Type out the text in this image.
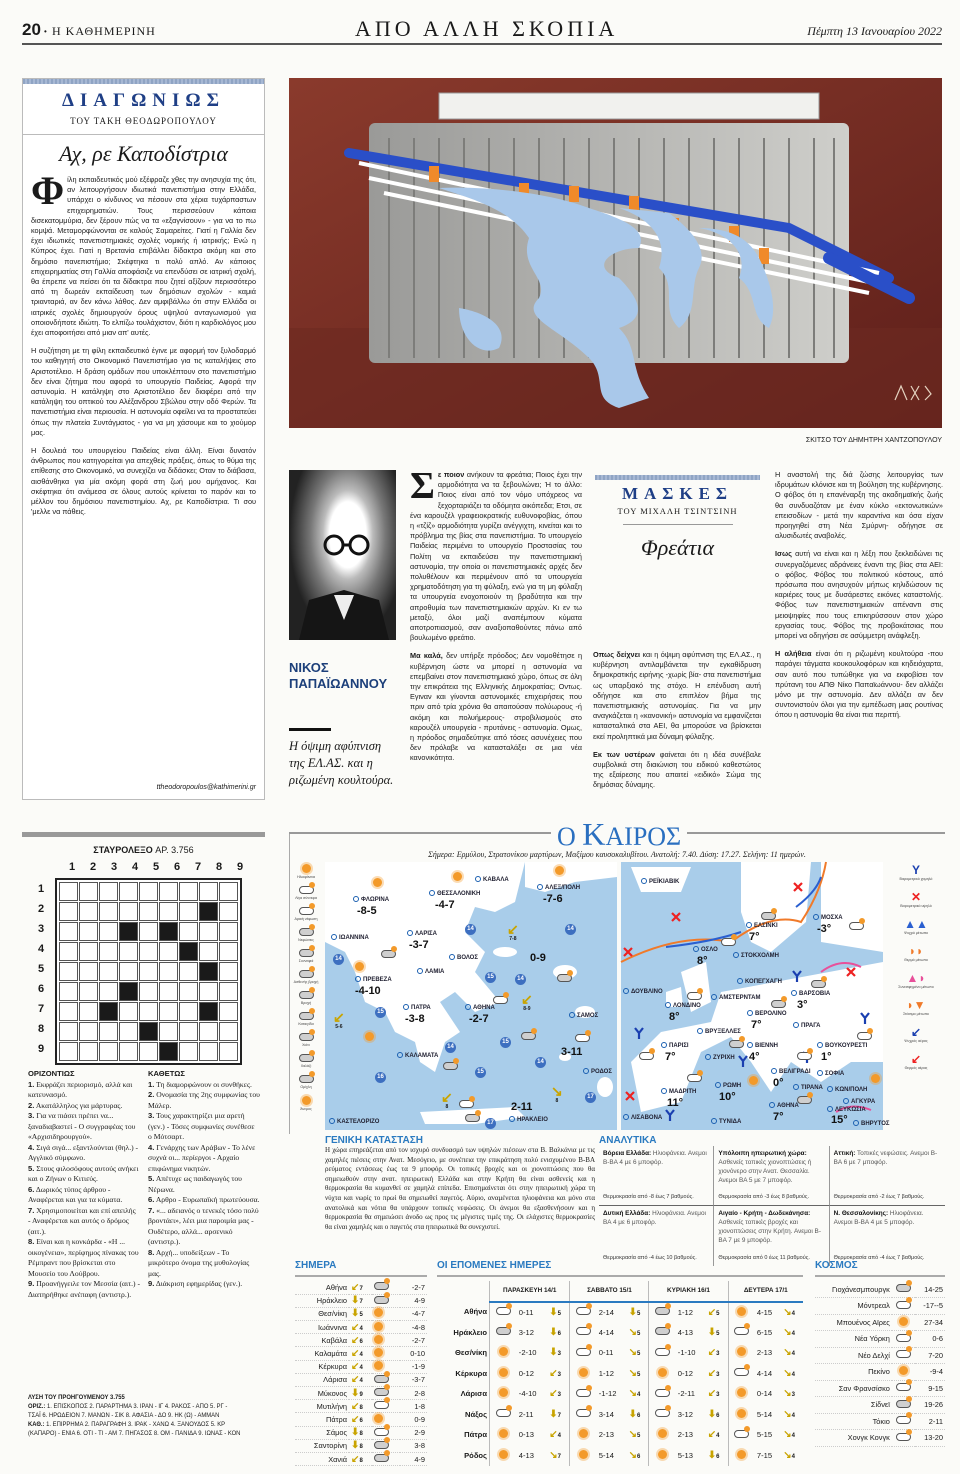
20 • Η ΚΑΘΗΜΕΡΙΝΗ	ΑΠΟ ΑΛΛΗ ΣΚΟΠΙΑ	Πέμπτη 13 Ιανουαρίου 2022
ΔΙΑΓΩΝΙΩΣ
ΤΟΥ ΤΑΚΗ ΘΕΟΔΩΡΟΠΟΥΛΟΥ
Αχ, ρε Καποδίστρια

Φίλη εκπαιδευτικός μού εξέφραζε χθες την ανησυχία της ότι, αν λειτουργήσουν ιδιωτικά πανεπιστήμια στην Ελλάδα, υπάρχει ο κίνδυνος να πέσουν στα χέρια τυχάρπαστων επιχειρηματιών. Τους περισσεύουν κάποια δισεκατομμύρια, δεν ξέρουν πώς να τα «εξαγνίσουν» - για να το πω κομψά. Μεταμορφώνονται σε καλούς Σαμαρείτες. Γιατί η Γαλλία δεν έχει ιδιωτικές πανεπιστημιακές σχολές νομικής ή ιατρικής; Ενώ η Κύπρος έχει. Γιατί η Βρετανία επιβάλλει δίδακτρα ακόμη και στο δημόσιο πανεπιστήμιο; Σκέφτηκα τι πολύ απλό. Αν κάποιος επιχειρηματίας στη Γαλλία αποφάσιζε να επενδύσει σε ιατρική σχολή, θα έπρεπε να πείσει ότι τα δίδακτρα που ζητεί αξίζουν περισσότερο από τη δωρεάν εκπαίδευση των δημόσιων σχολών - καμιά τριανταριά, αν δεν κάνω λάθος. Δεν αμφιβάλλω ότι στην Ελλάδα οι ιατρικές σχολές δημιουργούν όρους υψηλού ανταγωνισμού για οποιονδήποτε ιδιώτη. Το ελπίζω τουλάχιστον, διότι η καρδιολόγος μου έχει αποφοιτήσει από μιαν απ' αυτές.

Η συζήτηση με τη φίλη εκπαιδευτικό έγινε με αφορμή τον ξυλοδαρμό του καθηγητή στο Οικονομικό Πανεπιστήμιο για τις καταλήψεις στο Αριστοτέλειο. Η δράση ομάδων που υποκλέπτουν στο πανεπιστήμιο δεν είναι ζήτημα που αφορά το υπουργείο Παιδείας. Αφορά την αστυνομία. Η κατάληψη στο Αριστοτέλειο δεν διαφέρει από την κατάληψη του οπτικού του Αλέξανδρου Σβώλου στην οδό Φερών. Τα πανεπιστήμια είναι περιουσία. Η αστυνομία οφείλει να τα προστατεύει όπως την πλατεία Συντάγματος - για να μη χάσουμε και το χιούμορ μας.

Η δουλειά του υπουργείου Παιδείας είναι άλλη. Είναι δυνατόν άνθρωπος που κατηγορείται για απεχθείς πράξεις, όπως το θύμα της επίθεσης στο Οικονομικό, να συνεχίζει να διδάσκει; Οταν το διάβασα, αισθάνθηκα για μία ακόμη φορά στη ζωή μου αμήχανος. Και σκέφτηκα ότι ανάμεσα σε όλους αυτούς κρίνεται το παρόν και το μέλλον του δημόσιου πανεπιστημίου. Αχ, ρε Καποδίστρια. Τι σου 'μελλε να πάθεις.

ttheodoropoulos@kathimerini.gr
ΣΚΙΤΣΟ ΤΟΥ ΔΗΜΗΤΡΗ ΧΑΝΤΖΟΠΟΥΛΟΥ
ΝΙΚΟΣ
ΠΑΠΑΪΩΑΝΝΟΥ
Η όψιμη αφύπνιση της ΕΛ.ΑΣ. και η ριζωμένη κουλτούρα.

Σε ποιον ανήκουν τα φρεάτια; Ποιος έχει την αρμοδιότητα να τα ξεβουλώνει; Ή το άλλο: Ποιος είναι από τον νόμο υπόχρεος να ξεχορταριάζει τα οδόμητα οικόπεδα; Ετσι, σε ένα καρουζέλ γραφειοκρατικής ευθυνοφοβίας, όπου η «τζίζ» αρμοδιότητα γυρίζει ανέγγιχτη, κινείται και το πρόβλημα της βίας στα πανεπιστήμια. Το υπουργείο Παιδείας περιμένει το υπουργείο Προστασίας του Πολίτη να εκπαιδεύσει την πανεπιστημιακή αστυνομία, την οποία οι πανεπιστημιακές αρχές δεν πολυθέλουν και περιμένουν από τα υπουργεία χρηματοδότηση για τη φύλαξη, ενώ για τη μη φύλαξη τα υπουργεία ενοχοποιούν τη βραδύτητα και την απροθυμία των πανεπιστημιακών αρχών. Κι εν τω μεταξύ, όλοι μαζί αναπέμπουν κύματα αποτροπιασμού, σαν αναξιοπαθούντες πάνω από βουλωμένο φρεάτιο.

Μα καλά, δεν υπήρξε πρόοδος; Δεν νομοθέτησε η κυβέρνηση ώστε να μπορεί η αστυνομία να επεμβαίνει στον πανεπιστημιακό χώρο, όπως σε όλη την επικράτεια της Ελληνικής Δημοκρατίας; Οντως. Εγιναν και γίνονται αστυνομικές επιχειρήσεις που πριν από τρία χρόνια θα απαιτούσαν πολύωρους -ή ακόμη και πολυήμερους- στροβιλισμούς στο καρουζέλ υπουργεία - πρυτάνεις - αστυνομία. Ομως, η πρόοδος σημαδεύτηκε από τόσες ασυνέχειες που δεν πρόλαβε να κατασταλάξει σε μια νέα κανονικότητα.

ΜΑΣΚΕΣ
ΤΟΥ ΜΙΧΑΛΗ ΤΣΙΝΤΣΙΝΗ
Φρεάτια

Οπως δείχνει και η όψιμη αφύπνιση της ΕΛ.ΑΣ., η κυβέρνηση αντιλαμβάνεται την εγκαθίδρυση δημοκρατικής ειρήνης -χωρίς βία- στα πανεπιστήμια ως υπαρξιακό της στόχο. Η επένδυση αυτή οδήγησε και στο επιπλέον βήμα της πανεπιστημιακής αστυνομίας. Για να μην αναγκάζεται η «κανονική» αστυνομία να εμφανίζεται κατασταλτικά στα ΑΕΙ, θα μπορούσε να βρίσκεται εκεί προληπτικά μια δύναμη φύλαξης.

Εκ των υστέρων φαίνεται ότι η ιδέα συνέβαλε συμβολικά στη διαιώνιση του ειδικού καθεστώτος της εξαίρεσης που απαιτεί «ειδικό» Σώμα της δημόσιας δύναμης.

Η αναστολή της διά ζώσης λειτουργίας των ιδρυμάτων κλόνισε και τη βούληση της κυβέρνησης. Ο φόβος ότι η επανέναρξη της ακαδημαϊκής ζωής θα συνδυαζόταν με έναν κύκλο «εκτονωτικών» επεισοδίων - μετά την καραντίνα και όσα είχαν προηγηθεί στη Νέα Σμύρνη- οδήγησε σε αλυσιδωτές αναβολές.

Ισως αυτή να είναι και η λέξη που ξεκλειδώνει τις συνεργαζόμενες αδράνειες έναντι της βίας στα ΑΕΙ: ο φόβος. Φόβος του πολιτικού κόστους, από πρόσωπα που ανησυχούν μήπως κηλιδώσουν τις καριέρες τους με δυσάρεστες εικόνες καταστολής. Φόβος των πανεπιστημιακών απέναντι στις μειοψηφίες που τους επικηρύσσουν στον χώρο εργασίας τους. Φόβος της προβοκάτσιας που μπορεί να οδηγήσει σε ασύμμετρη ανάφλεξη.

Η αλήθεια είναι ότι η ριζωμένη κουλτούρα -που παράγει τάγματα κουκουλοφόρων και κηδειόχαρτα, σαν αυτό που τυπώθηκε για να εκφοβίσει τον πρύτανη του ΑΠΘ Νίκο Παπαϊωάννου- δεν αλλάζει μόνο με την αστυνομία. Δεν αλλάζει αν δεν συντονιστούν όλοι για την εμπέδωση μιας ρουτίνας όπου η αστυνομία θα είναι πια περιττή.

ΣΤΑΥΡΟΛΕΞΟ ΑΡ. 3.756
1	2	3	4	5	6	7	8	9
1
2
3
4
5
6
7
8
9
ΟΡΙΖΟΝΤΙΩΣ
1. Εκφράζει περιορισμό, αλλά και κατευνασμό.
2. Ακατάλληλος για μάρτυρας.
3. Για να πιάσει πρέπει να... ξαναδιαβαστεί - Ο συγγραφέας του «Αρχισιδηρουργού».
4. Σιγά σιγά... εξαντλούνται (θηλ.) - Αγγλικό σύμφωνο.
5. Στους φιλοσόφους αυτούς ανήκει και ο Ζήνων ο Κιτιεύς.
6. Δωρικός τύπος άρθρου - Αναφέρεται και για τα κύματα.
7. Χρησιμοποιείται και επί απειλής - Αναφέρεται και αυτός ο δρόμος (αιτ.).
8. Είναι και η κονκάρδα - «Η ... οικογένεια», περίφημος πίνακας του Ρέμπραντ που βρίσκεται στο Μουσείο του Λούβρου.
9. Προανήγγειλε τον Μεσσία (αιτ.) - Διατηρήθηκε ανέπαφη (αντιστρ.).
ΚΑΘΕΤΩΣ
1. Τη διαμορφώνουν οι συνθήκες.
2. Ονομασία της 2ης συμφωνίας του Μάλερ.
3. Τους χαρακτηρίζει μια αρετή (γεν.) - Τόσες συμφωνίες συνέθεσε ο Μότσαρτ.
4. Γενάρχης των Αράβων - Το λένε συχνά οι... περίεργοι - Αρχαίο επιφώνημα νικητών.
5. Απέτυχε ως παιδαγωγός του Νέρωνα.
6. Αρθρο - Ευρωπαϊκή πρωτεύουσα.
7. «... αδειανός ο τενεκές τόσο πολύ βροντάει», λέει μια παροιμία μας - Ουδέτερο, αλλά... αρσενικό (αντιστρ.).
8. Αρχή... υποδείξεων - Το μικρότερο όνομα της μυθολογίας μας.
9. Διάκριση εφημερίδας (γεν.).
ΛΥΣΗ ΤΟΥ ΠΡΟΗΓΟΥΜΕΝΟΥ 3.755
ΟΡΙΖ.: 1. ΕΠΙΣΚΟΠΟΣ 2. ΠΑΡΑΡΤΗΜΑ 3. ΙΡΑΝ - ΙΓ 4. ΡΑΚΟΣ - ΑΠΟ 5. ΡΓ - ΤΣΑΪ 6. ΗΡΩΔΕΙΟΝ 7. ΜΑΝΩΝ - ΣΙΚ 8. ΑΦΑΣΙΑ - ΔΟ 9. ΗΚ (Ω) - ΑΜΜΑΝ
ΚΑΘ.: 1. ΕΠΙΡΡΗΜΑ 2. ΠΑΡΑΓΡΑΦΗ 3. ΙΡΑΚ - ΧΑΝΩ 4. ΞΑΝΟΥΔΟΣ 5. ΚΡ (ΚΑΠΑΡΟ) - ΕΝΙΑ 6. ΟΤΙ - ΤΙ - ΑΜ 7. ΠΗΓΑΣΟΣ 8. ΟΜ - ΠΑΝΙΔΑ 9. ΙΩΝΑΣ - ΚΟΝ
Ο ΚΑΙΡΟΣ
Σήμερα: Ερμύλου, Στρατονίκου μαρτύρων, Μαξίμου καυσοκαλυβίτου. Ανατολή: 7.40. Δύση: 17.27. Σελήνη: 11 ημερών.
Ηλιοφάνεια
Λίγα σύννεφα
Αραιή νέφωση
Νεφώσεις
Συννεφιά
Ασθενής βροχή
Βροχή
Καταιγίδα
Χιόνι
Χαλάζι
Ομίχλη
Άνεμος
ΦΛΩΡΙΝΑ
ΚΑΒΑΛΑ
ΘΕΣΣΑΛΟΝΙΚΗ
ΑΛΕΞ/ΠΟΛΗ
ΙΩΑΝΝΙΝΑ
ΛΑΡΙΣΑ
ΒΟΛΟΣ
ΛΑΜΙΑ
ΠΡΕΒΕΖΑ
ΠΑΤΡΑ	ΑΘΗΝΑ
ΣΑΜΟΣ
ΚΑΛΑΜΑΤΑ
ΡΟΔΟΣ
ΗΡΑΚΛΕΙΟ
ΚΑΣΤΕΛΟΡΙΖΟ
-8-5	-4-7	-7-6
-3-7
-4-10
-3-8	-2-7
0-9
3-11
2-11
14	14
15
14
15
14
15
14
16
15
14
17
17
↙
7-8
↙
5-6
↙
8-9
↙
8
↘
8
ΡΕΪΚΙΑΒΙΚ
ΕΛΣΙΝΚΙ
ΟΣΛΟ
ΣΤΟΚΧΟΛΜΗ
ΜΟΣΧΑ
ΚΟΠΕΓΧΑΓΗ
ΔΟΥΒΛΙΝΟ
ΑΜΣΤΕΡΝΤΑΜ
ΛΟΝΔΙΝΟ
ΒΑΡΣΟΒΙΑ
ΒΕΡΟΛΙΝΟ
ΠΡΑΓΑ
ΒΡΥΞΕΛΛΕΣ
ΠΑΡΙΣΙ
ΖΥΡΙΧΗ
ΒΙΕΝΝΗ	ΒΟΥΚΟΥΡΕΣΤΙ
ΒΕΛΙΓΡΑΔΙ	ΣΟΦΙΑ
ΤΙΡΑΝΑ	ΚΩΝ/ΠΟΛΗ
ΑΓΚΥΡΑ
ΡΩΜΗ
ΜΑΔΡΙΤΗ
ΛΙΣΑΒΟΝΑ
ΑΘΗΝΑ
ΛΕΥΚΩΣΙΑ
ΒΗΡΥΤΟΣ
ΤΥΝΙΔΑ
7°
8°
-3°
8°
3°
7°
7°	4°	1°
0°
10°
11°
7°	15°
Y
Βαρομετρικό χαμηλό
✕
Βαρομετρικό υψηλό
▲▲
Ψυχρό μέτωπο
◗◗
Θερμό μέτωπο
▲◗
Συνεσφιγμένο μέτωπο
◗▼
Στάσιμο μέτωπο
↙
Ψυχρός αέρας
↙
Θερμός αέρας
ΓΕΝΙΚΗ ΚΑΤΑΣΤΑΣΗ
Η χώρα επηρεάζεται από τον ισχυρό συνδυασμό των υψηλών πιέσεων στα Β. Βαλκάνια με τις χαμηλές πιέσεις στην Ανατ. Μεσόγειο, με συνέπεια την επικράτηση πολύ ενισχυμένου Β-ΒΑ ρεύματος εντάσεως έως τα 9 μποφόρ. Οι τοπικές βροχές και οι χιονοπτώσεις που θα σημειωθούν στην ανατ. ηπειρωτική Ελλάδα και στην Κρήτη θα είναι ασθενείς και η θερμοκρασία θα κυμανθεί σε χαμηλά επίπεδα. Επισημαίνεται ότι στην ηπειρωτική χώρα τη νύχτα και νωρίς το πρωί θα σημειωθεί παγετός. Αύριο, αναμένεται ηλιοφάνεια και μόνο στα ανατολικά και νότια θα υπάρχουν τοπικές νεφώσεις. Οι άνεμοι θα εξασθενήσουν και η θερμοκρασία θα σημειώσει άνοδο ως προς τις μέγιστες τιμές της. Οι ελάχιστες θερμοκρασίες θα είναι χαμηλές και ο παγετός στα ηπειρωτικά θα συνεχιστεί.
ΑΝΑΛΥΤΙΚΑ
Βόρεια Ελλάδα: Ηλιοφάνεια. Ανεμοι Β-ΒΑ 4 με 6 μποφόρ.
Θερμοκρασία από -8 έως 7 βαθμούς.
Υπόλοιπη ηπειρωτική χώρα: Ασθενείς τοπικές χιονοπτώσεις ή χιονόνερο στην Ανατ. Θεσσαλία. Ανεμοι ΒΑ 5 με 7 μποφόρ.
Θερμοκρασία από -3 έως 8 βαθμούς.
Αττική: Τοπικές νεφώσεις. Ανεμοι Β-ΒΑ 6 με 7 μποφόρ.
Θερμοκρασία από -2 έως 7 βαθμούς.
Δυτική Ελλάδα: Ηλιοφάνεια. Ανεμοι ΒΑ 4 με 6 μποφόρ.
Θερμοκρασία από -4 έως 10 βαθμούς.
Αιγαίο - Κρήτη - Δωδεκάνησα: Ασθενείς τοπικές βροχές και χιονοπτώσεις στην Κρήτη. Ανεμοι Β-ΒΑ 7 με 9 μποφόρ.
Θερμοκρασία από 0 έως 11 βαθμούς.
Ν. Θεσσαλονίκης: Ηλιοφάνεια. Ανεμοι Β-ΒΑ 4 με 5 μποφόρ.
Θερμοκρασία από -4 έως 7 βαθμούς.
ΣΗΜΕΡΑ
Αθήνα	↙7		-2-7
Ηράκλειο	⬇7		4-9
Θεσ/νίκη	⬇5		-4-7
Ιωάννινα	↙4		-4-8
Καβάλα	↙6		-2-7
Καλαμάτα	↙4		0-10
Κέρκυρα	↙4		-1-9
Λάρισα	↙4		-3-7
Μύκονος	⬇9		2-8
Μυτιλήνη	↙8		1-8
Πάτρα	↙6		0-9
Σάμος	⬇8		2-9
Σαντορίνη	⬇8		3-8
Χανιά	↙8		4-9
ΟΙ ΕΠΟΜΕΝΕΣ ΗΜΕΡΕΣ
	ΠΑΡΑΣΚΕΥΗ 14/1			ΣΑΒΒΑΤΟ 15/1			ΚΥΡΙΑΚΗ 16/1			ΔΕΥΤΕΡΑ 17/1		
Αθήνα		0-11	⬇5		2-14	⬇5		1-12	↙5		4-15	↘4
Ηράκλειο		3-12	⬇6		4-14	↘5		4-13	⬇5		6-15	↘4
Θεσ/νίκη		-2-10	⬇3		0-11	↘5		-1-10	↙3		2-13	↘4
Κέρκυρα		0-12	↙3		1-12	↘5		0-12	↙3		4-14	↘4
Λάρισα		-4-10	↙3		-1-12	↘4		-2-11	↙3		0-14	↘3
Νάξος		2-11	⬇7		3-14	⬇6		3-12	⬇6		5-14	↘4
Πάτρα		0-13	↙4		2-13	↘5		2-13	↙4		5-15	↘4
Ρόδος		4-13	↘7		5-14	↘6		5-13	⬇6		7-15	↘4
ΚΟΣΜΟΣ
Γιοχάνεσμπουργκ		14-25
Μόντρεαλ		-17--5
Μπουένος Αϊρες		27-34
Νέα Υόρκη		0-6
Νέο Δελχί		7-20
Πεκίνο		-9-4
Σαν Φρανσίσκο		9-15
Σίδνεϊ		19-26
Τόκιο		2-11
Χονγκ Κονγκ		13-20
